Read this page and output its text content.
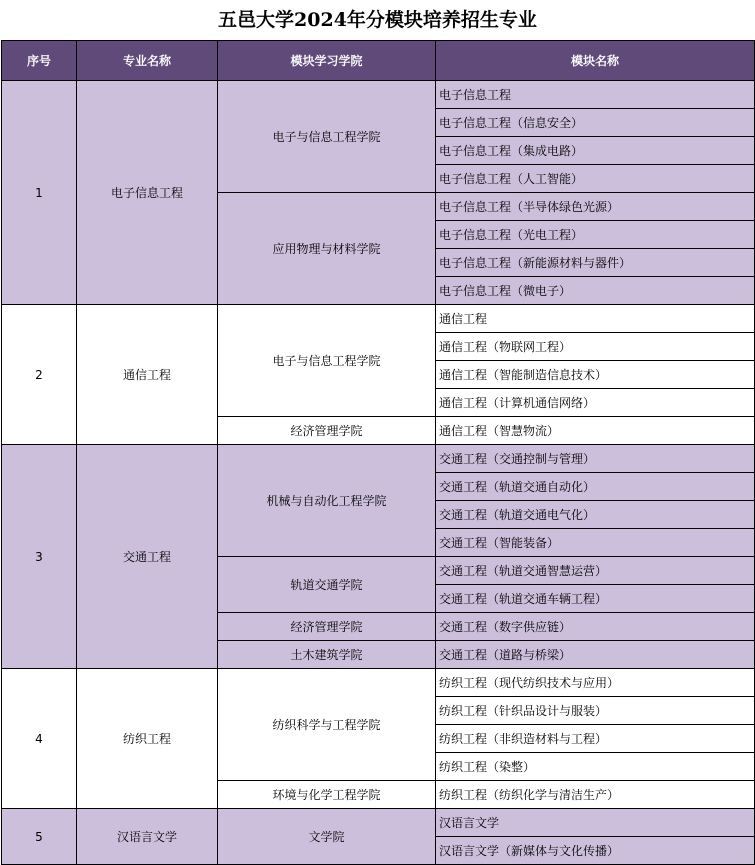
五邑大学2024年分模块培养招生专业
序号	专业名称	模块学习学院	模块名称
1	电子信息工程	电子与信息工程学院	电子信息工程
			电子信息工程（信息安全）
			电子信息工程（集成电路）
			电子信息工程（人工智能）
		应用物理与材料学院	电子信息工程（半导体绿色光源）
			电子信息工程（光电工程）
			电子信息工程（新能源材料与器件）
			电子信息工程（微电子）
2	通信工程	电子与信息工程学院	通信工程
			通信工程（物联网工程）
			通信工程（智能制造信息技术）
			通信工程（计算机通信网络）
		经济管理学院	通信工程（智慧物流）
3	交通工程	机械与自动化工程学院	交通工程（交通控制与管理）
			交通工程（轨道交通自动化）
			交通工程（轨道交通电气化）
			交通工程（智能装备）
		轨道交通学院	交通工程（轨道交通智慧运营）
			交通工程（轨道交通车辆工程）
		经济管理学院	交通工程（数字供应链）
		土木建筑学院	交通工程（道路与桥梁）
4	纺织工程	纺织科学与工程学院	纺织工程（现代纺织技术与应用）
			纺织工程（针织品设计与服装）
			纺织工程（非织造材料与工程）
			纺织工程（染整）
		环境与化学工程学院	纺织工程（纺织化学与清洁生产）
5	汉语言文学	文学院	汉语言文学
			汉语言文学（新媒体与文化传播）
